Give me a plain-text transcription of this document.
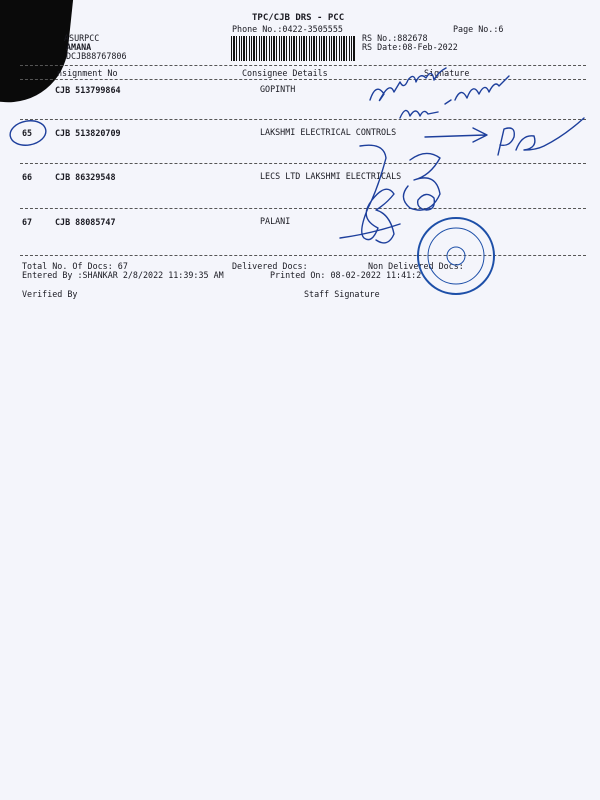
TPC/CJB DRS - PCC
Phone No.:0422-3505555	Page No.:6
ASURPCC
AMANA
DCJB88767806
RS No.:882678
RS Date:08-Feb-2022
nsignment No	Consignee Details	Signature
CJB 513799864	GOPINTH
65	CJB 513820709	LAKSHMI ELECTRICAL CONTROLS
66	CJB 86329548	LECS LTD LAKSHMI ELECTRICALS
67	CJB 88085747	PALANI
Total No. Of Docs: 67	Delivered Docs:	Non Delivered Docs:
Entered By :SHANKAR 2/8/2022 11:39:35 AM	Printed On: 08-02-2022 11:41:2
Verified By	Staff Signature
